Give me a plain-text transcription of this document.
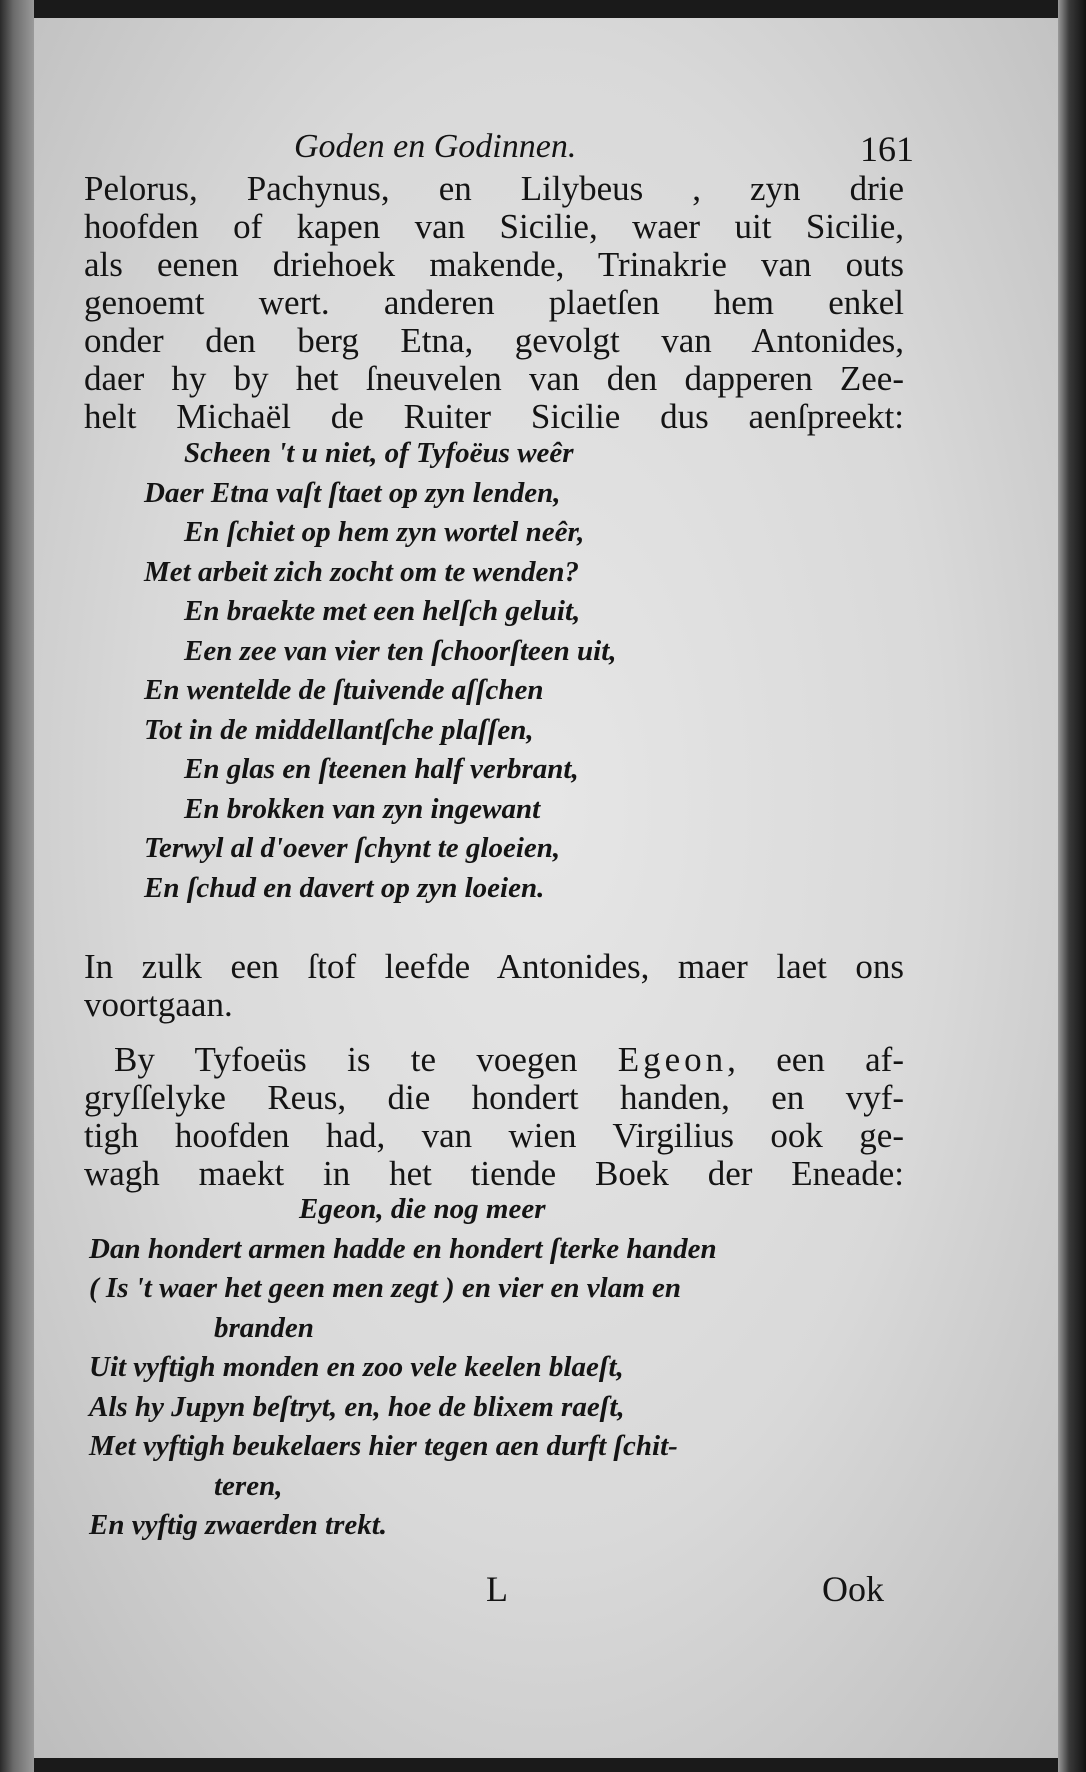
Goden en Godinnen.	161
Pelorus, Pachynus, en Lilybeus , zyn drie
hoofden of kapen van Sicilie, waer uit Sicilie,
als eenen driehoek makende, Trinakrie van outs
genoemt wert. anderen plaetſen hem enkel
onder den berg Etna, gevolgt van Antonides,
daer hy by het ſneuvelen van den dapperen Zee-
helt Michaël de Ruiter Sicilie dus aenſpreekt:
Scheen 't u niet, of Tyfoëus weêr
Daer Etna vaſt ſtaet op zyn lenden,
En ſchiet op hem zyn wortel neêr,
Met arbeit zich zocht om te wenden?
En braekte met een helſch geluit,
Een zee van vier ten ſchoorſteen uit,
En wentelde de ſtuivende aſſchen
Tot in de middellantſche plaſſen,
En glas en ſteenen half verbrant,
En brokken van zyn ingewant
Terwyl al d'oever ſchynt te gloeien,
En ſchud en davert op zyn loeien.
In zulk een ſtof leefde Antonides, maer laet ons
voortgaan.
By Tyfoeüs is te voegen Egeon, een af-
gryſſelyke Reus, die hondert handen, en vyf-
tigh hoofden had, van wien Virgilius ook ge-
wagh maekt in het tiende Boek der Eneade:
Egeon, die nog meer
Dan hondert armen hadde en hondert ſterke handen
( Is 't waer het geen men zegt ) en vier en vlam en
branden
Uit vyftigh monden en zoo vele keelen blaeſt,
Als hy Jupyn beſtryt, en, hoe de blixem raeſt,
Met vyftigh beukelaers hier tegen aen durft ſchit-
teren,
En vyftig zwaerden trekt.
L	Ook
